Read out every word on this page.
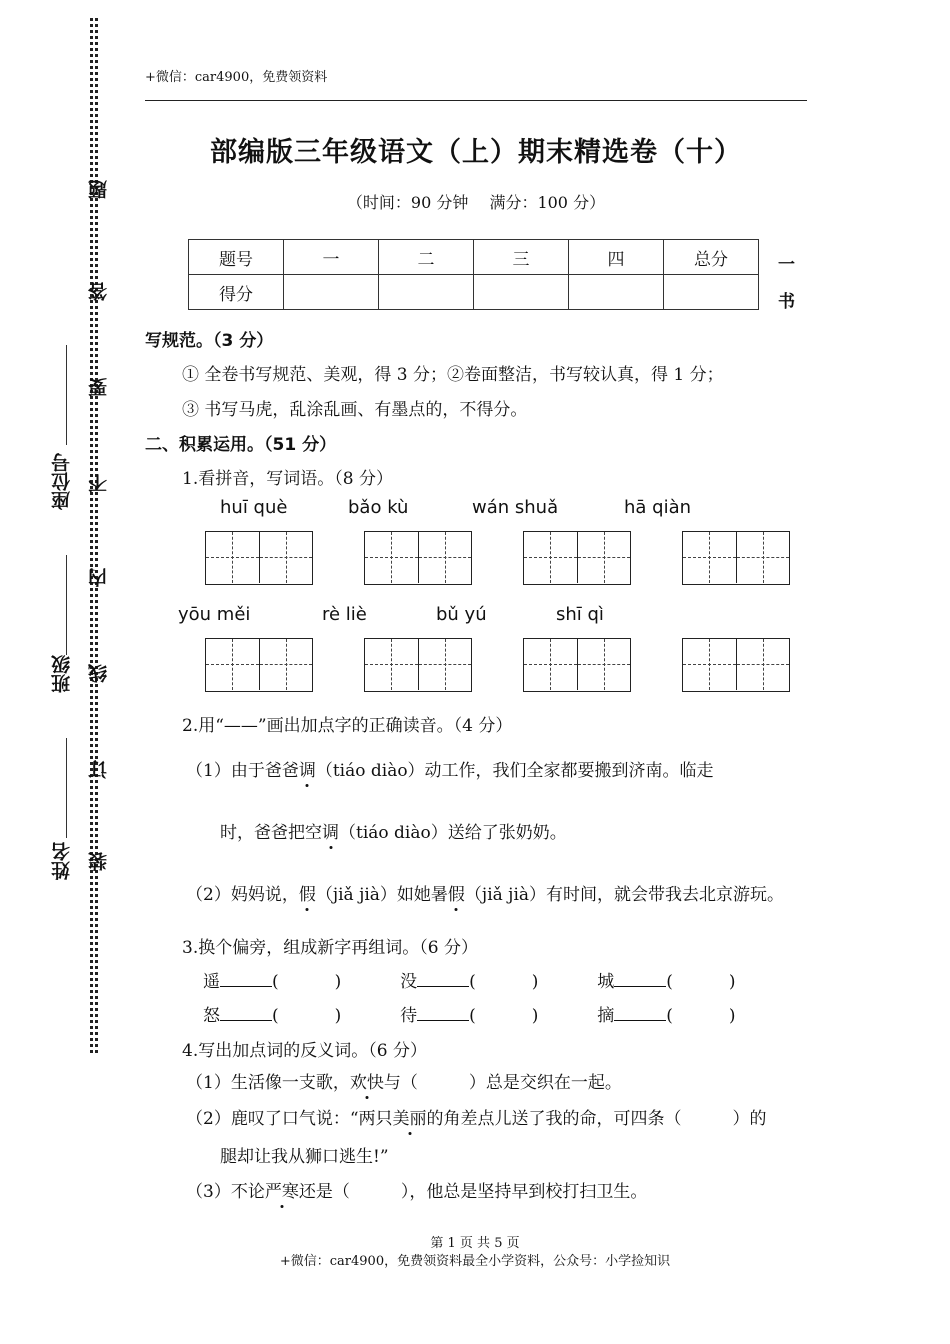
题
答
要
不
内
线
订
装
座位号
班级
姓名
+微信：car4900，免费领资料
部编版三年级语文（上）期末精选卷（十）
（时间：90 分钟　 满分：100 分）
题号	一	二	三	四	总分
得分					
一
书
写规范。（3 分）
① 全卷书写规范、美观，得 3 分；②卷面整洁，书写较认真，得 1 分；
③ 书写马虎，乱涂乱画、有墨点的，不得分。
二、积累运用。（51 分）
1.看拼音，写词语。（8 分）
huī què	bǎo kù	wán shuǎ	hā qiàn
yōu měi	rè liè	bǔ yú	shī qì
2.用“——”画出加点字的正确读音。（4 分）
（1）由于爸爸调（tiáo diào）动工作，我们全家都要搬到济南。临走
时，爸爸把空调（tiáo diào）送给了张奶奶。
（2）妈妈说，假（jiǎ jià）如她暑假（jiǎ jià）有时间，就会带我去北京游玩。
3.换个偏旁，组成新字再组词。（6 分）
遥	(	)	没	(	)	城	(	)
怒	(	)	待	(	)	摘	(	)
4.写出加点词的反义词。（6 分）
（1）生活像一支歌，欢快与（　　　）总是交织在一起。
（2）鹿叹了口气说：“两只美丽的角差点儿送了我的命，可四条（　　　）的
腿却让我从狮口逃生!”
（3）不论严寒还是（　　　），他总是坚持早到校打扫卫生。
第 1 页 共 5 页
+微信：car4900，免费领资料最全小学资料，公众号：小学捡知识
